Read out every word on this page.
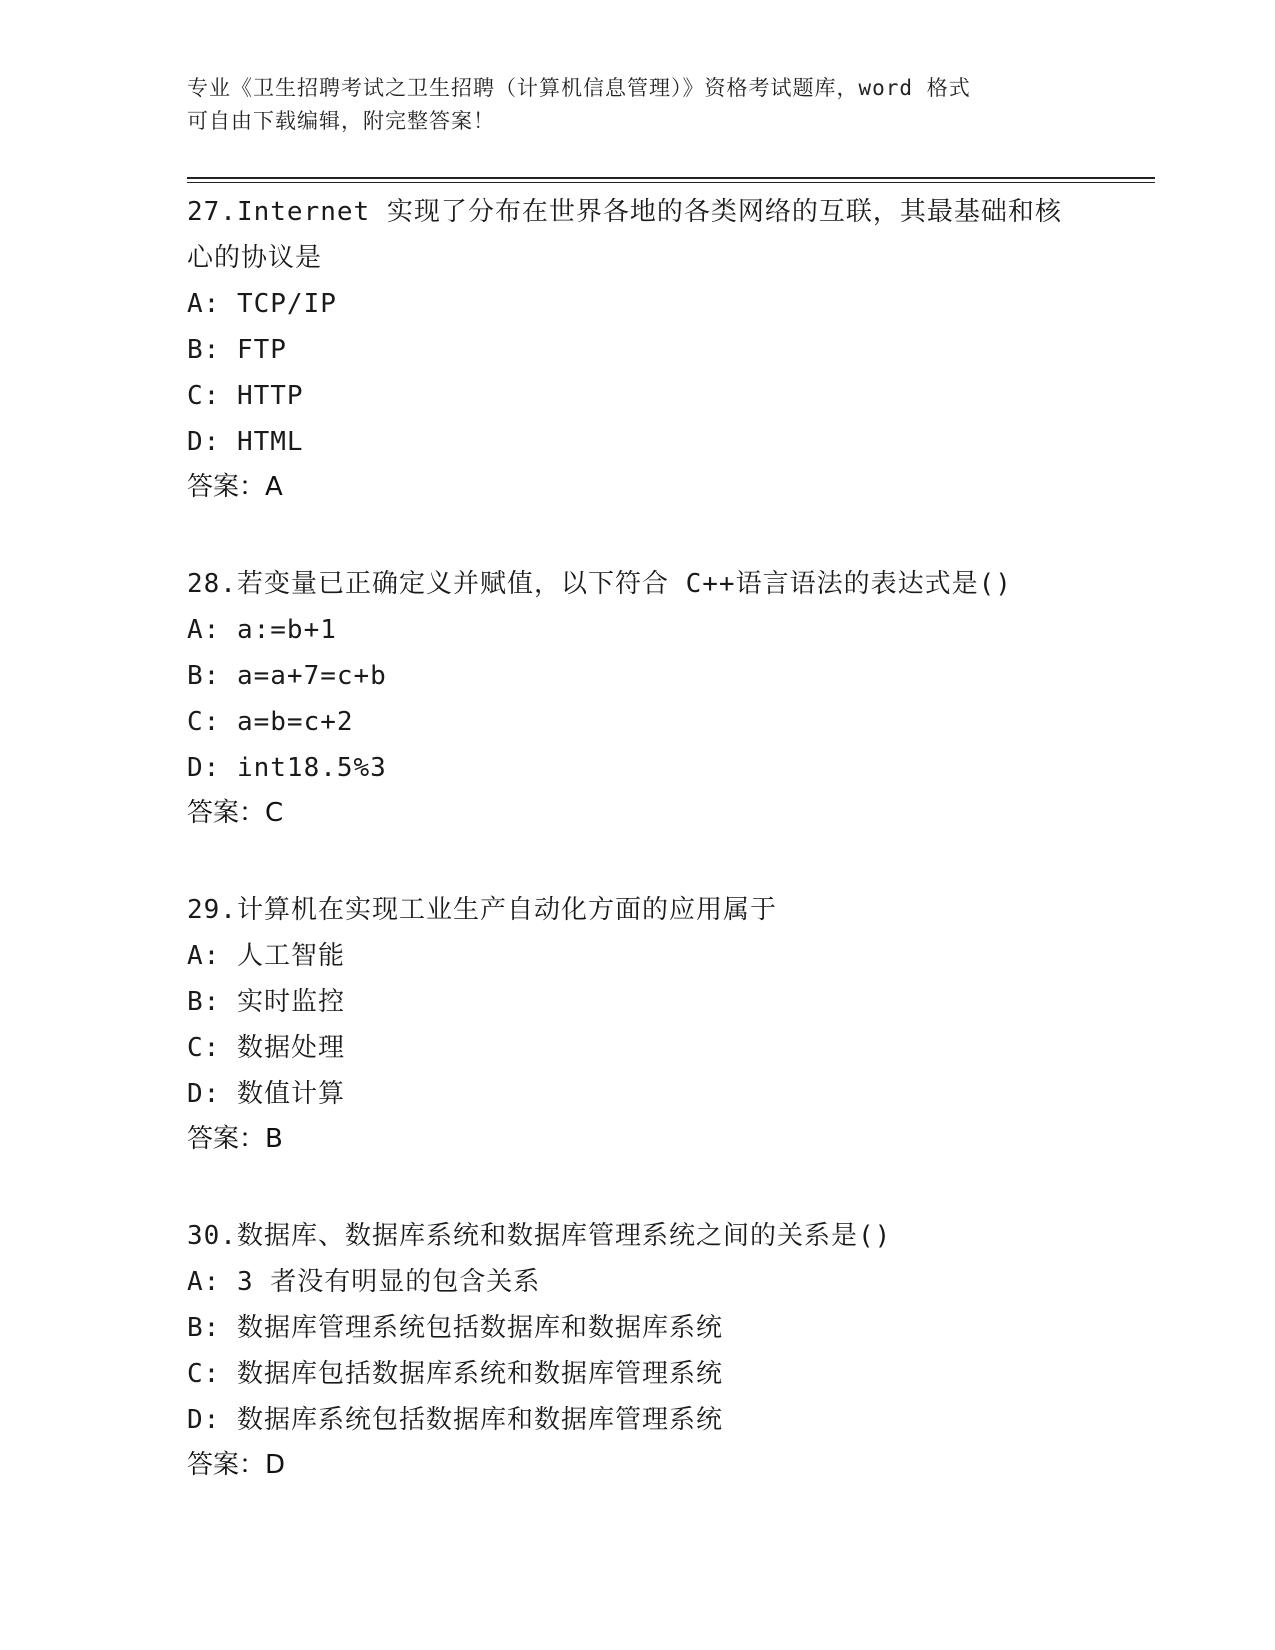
专业《卫生招聘考试之卫生招聘（计算机信息管理）》资格考试题库，word 格式
可自由下载编辑，附完整答案！
27.Internet 实现了分布在世界各地的各类网络的互联，其最基础和核
心的协议是
A: TCP/IP
B: FTP
C: HTTP
D: HTML
答案：A
28.若变量已正确定义并赋值，以下符合 C++语言语法的表达式是()
A: a:=b+1
B: a=a+7=c+b
C: a=b=c+2
D: int18.5%3
答案：C
29.计算机在实现工业生产自动化方面的应用属于
A: 人工智能
B: 实时监控
C: 数据处理
D: 数值计算
答案：B
30.数据库、数据库系统和数据库管理系统之间的关系是()
A: 3 者没有明显的包含关系
B: 数据库管理系统包括数据库和数据库系统
C: 数据库包括数据库系统和数据库管理系统
D: 数据库系统包括数据库和数据库管理系统
答案：D
